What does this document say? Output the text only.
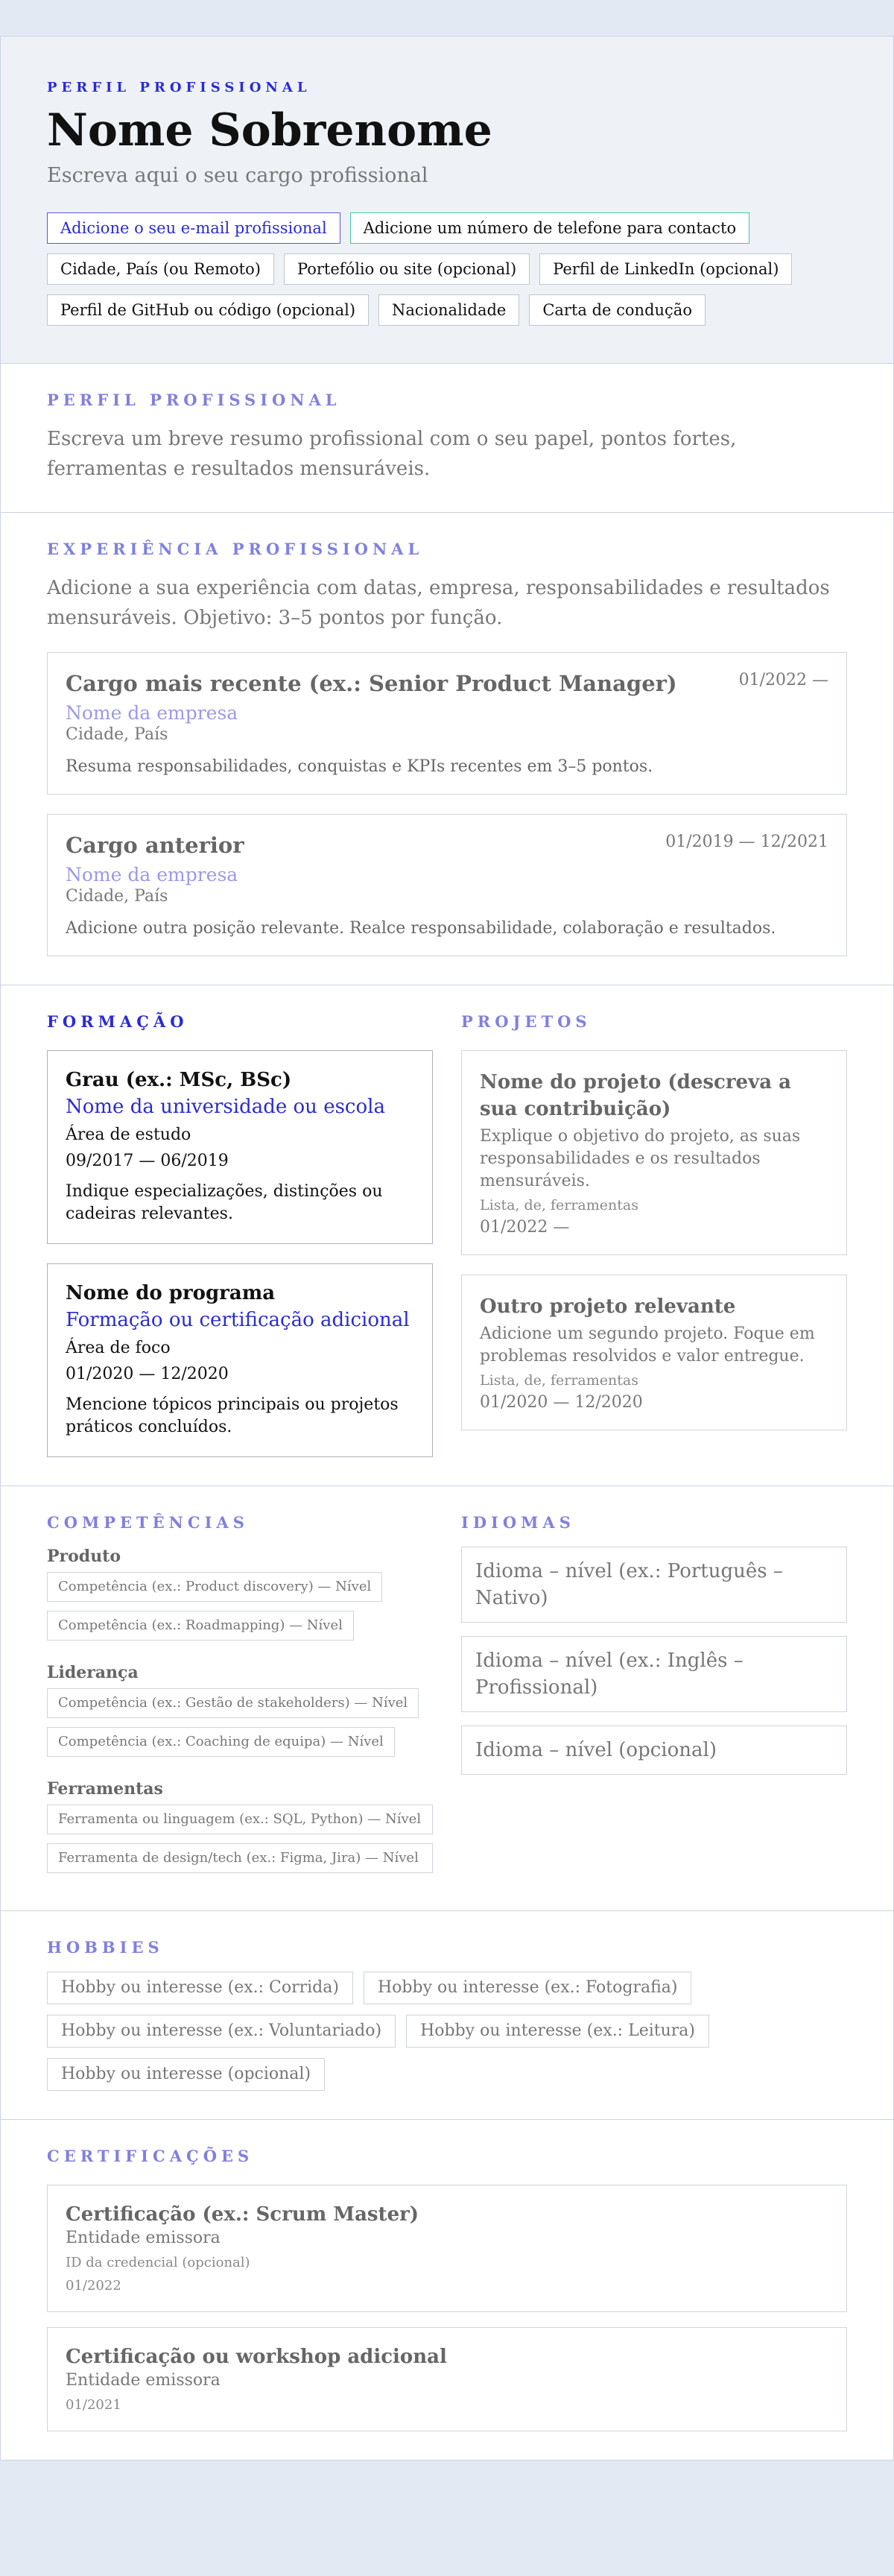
PERFIL PROFISSIONAL
Nome Sobrenome
Escreva aqui o seu cargo profissional
Adicione o seu e-mail profissional	Adicione um número de telefone para contacto
Cidade, País (ou Remoto)	Portefólio ou site (opcional)	Perfil de LinkedIn (opcional)
Perfil de GitHub ou código (opcional)	Nacionalidade	Carta de condução
PERFIL PROFISSIONAL
Escreva um breve resumo profissional com o seu papel, pontos fortes, ferramentas e resultados mensuráveis.
EXPERIÊNCIA PROFISSIONAL
Adicione a sua experiência com datas, empresa, responsabilidades e resultados mensuráveis. Objetivo: 3–5 pontos por função.
01/2022 —
Cargo mais recente (ex.: Senior Product Manager)
Nome da empresa
Cidade, País
Resuma responsabilidades, conquistas e KPIs recentes em 3–5 pontos.
01/2019 — 12/2021
Cargo anterior
Nome da empresa
Cidade, País
Adicione outra posição relevante. Realce responsabilidade, colaboração e resultados.
FORMAÇÃO
Grau (ex.: MSc, BSc)
Nome da universidade ou escola
Área de estudo
09/2017 — 06/2019
Indique especializações, distinções ou cadeiras relevantes.
Nome do programa
Formação ou certificação adicional
Área de foco
01/2020 — 12/2020
Mencione tópicos principais ou projetos práticos concluídos.
PROJETOS
Nome do projeto (descreva a sua contribuição)
Explique o objetivo do projeto, as suas responsabilidades e os resultados mensuráveis.
Lista, de, ferramentas
01/2022 —
Outro projeto relevante
Adicione um segundo projeto. Foque em problemas resolvidos e valor entregue.
Lista, de, ferramentas
01/2020 — 12/2020
COMPETÊNCIAS
Produto
Competência (ex.: Product discovery) — Nível
Competência (ex.: Roadmapping) — Nível
Liderança
Competência (ex.: Gestão de stakeholders) — Nível
Competência (ex.: Coaching de equipa) — Nível
Ferramentas
Ferramenta ou linguagem (ex.: SQL, Python) — Nível
Ferramenta de design/tech (ex.: Figma, Jira) — Nível
IDIOMAS
Idioma – nível (ex.: Português – Nativo)
Idioma – nível (ex.: Inglês – Profissional)
Idioma – nível (opcional)
HOBBIES
Hobby ou interesse (ex.: Corrida)	Hobby ou interesse (ex.: Fotografia)
Hobby ou interesse (ex.: Voluntariado)	Hobby ou interesse (ex.: Leitura)
Hobby ou interesse (opcional)
CERTIFICAÇÕES
Certificação (ex.: Scrum Master)
Entidade emissora
ID da credencial (opcional)
01/2022
Certificação ou workshop adicional
Entidade emissora
01/2021
